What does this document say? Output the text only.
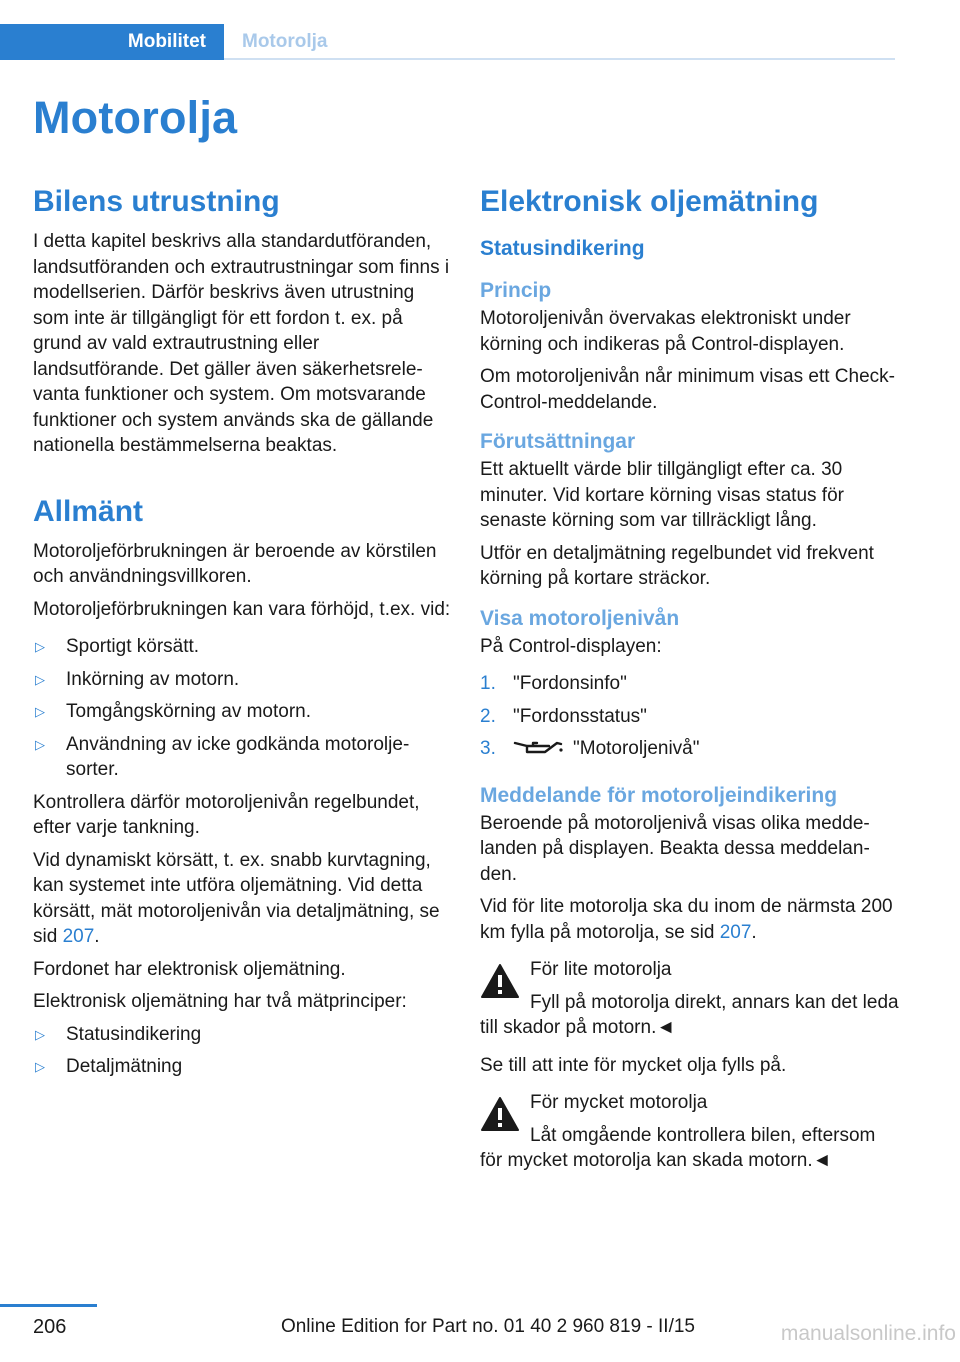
Mobilitet Motorolja
Motorolja
Bilens utrustning

I detta kapitel beskrivs alla standardutföranden, landsutföranden och extrautrustningar som finns i modellserien. Därför beskrivs även utrustning som inte är tillgängligt för ett fordon t. ex. på grund av vald extrautrustning eller landsutförande. Det gäller även säkerhetsrelevanta funktioner och system. Om motsvarande funktioner och system används ska de gällande nationella bestämmelserna beaktas.

Allmänt

Motoroljeförbrukningen är beroende av körstilen och användningsvillkoren.

Motoroljeförbrukningen kan vara förhöjd, t.ex. vid:

▷ Sportigt körsätt.
▷ Inkörning av motorn.
▷ Tomgångskörning av motorn.
▷ Användning av icke godkända motoroljesorter.

Kontrollera därför motoroljenivån regelbundet, efter varje tankning.

Vid dynamiskt körsätt, t. ex. snabb kurvtagning, kan systemet inte utföra oljemätning. Vid detta körsätt, mät motoroljenivån via detaljmätning, se sid 207.

Fordonet har elektronisk oljemätning.

Elektronisk oljemätning har två mätprinciper:

▷ Statusindikering
▷ Detaljmätning
Elektronisk oljemätning
Statusindikering
Princip

Motoroljenivån övervakas elektroniskt under körning och indikeras på Control-displayen.

Om motoroljenivån når minimum visas ett Check-Control-meddelande.

Förutsättningar

Ett aktuellt värde blir tillgängligt efter ca. 30 minuter. Vid kortare körning visas status för senaste körning som var tillräckligt lång.

Utför en detaljmätning regelbundet vid frekvent körning på kortare sträckor.

Visa motoroljenivån

På Control-displayen:

1. "Fordonsinfo"
2. "Fordonsstatus"
3.	"Motoroljenivå"
Meddelande för motoroljeindikering

Beroende på motoroljenivå visas olika meddelanden på displayen. Beakta dessa meddelanden.

Vid för lite motorolja ska du inom de närmsta 200 km fylla på motorolja, se sid 207.

För lite motorolja

Fyll på motorolja direkt, annars kan det leda till skador på motorn.◄

Se till att inte för mycket olja fylls på.

För mycket motorolja

Låt omgående kontrollera bilen, eftersom för mycket motorolja kan skada motorn.◄

206	Online Edition for Part no. 01 40 2 960 819 - II/15	manualsonline.info
